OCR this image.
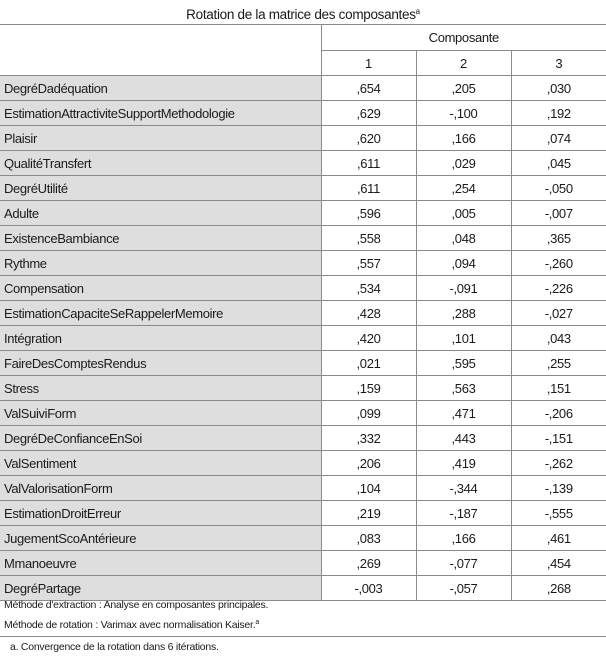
Rotation de la matrice des composantes$^a$
	Composante		
	1	2	3
DegréDadéquation	,654	,205	,030
EstimationAttractiviteSupportMethodologie	,629	-,100	,192
Plaisir	,620	,166	,074
QualitéTransfert	,611	,029	,045
DegréUtilité	,611	,254	-,050
Adulte	,596	,005	-,007
ExistenceBambiance	,558	,048	,365
Rythme	,557	,094	-,260
Compensation	,534	-,091	-,226
EstimationCapaciteSeRappelerMemoire	,428	,288	-,027
Intégration	,420	,101	,043
FaireDesComptesRendus	,021	,595	,255
Stress	,159	,563	,151
ValSuiviForm	,099	,471	-,206
DegréDeConfianceEnSoi	,332	,443	-,151
ValSentiment	,206	,419	-,262
ValValorisationForm	,104	-,344	-,139
EstimationDroitErreur	,219	-,187	-,555
JugementScoAntérieure	,083	,166	,461
Mmanoeuvre	,269	-,077	,454
DegréPartage	-,003	-,057	,268
Méthode d'extraction : Analyse en composantes principales.
Méthode de rotation : Varimax avec normalisation Kaiser.$^a$
a. Convergence de la rotation dans 6 itérations.
